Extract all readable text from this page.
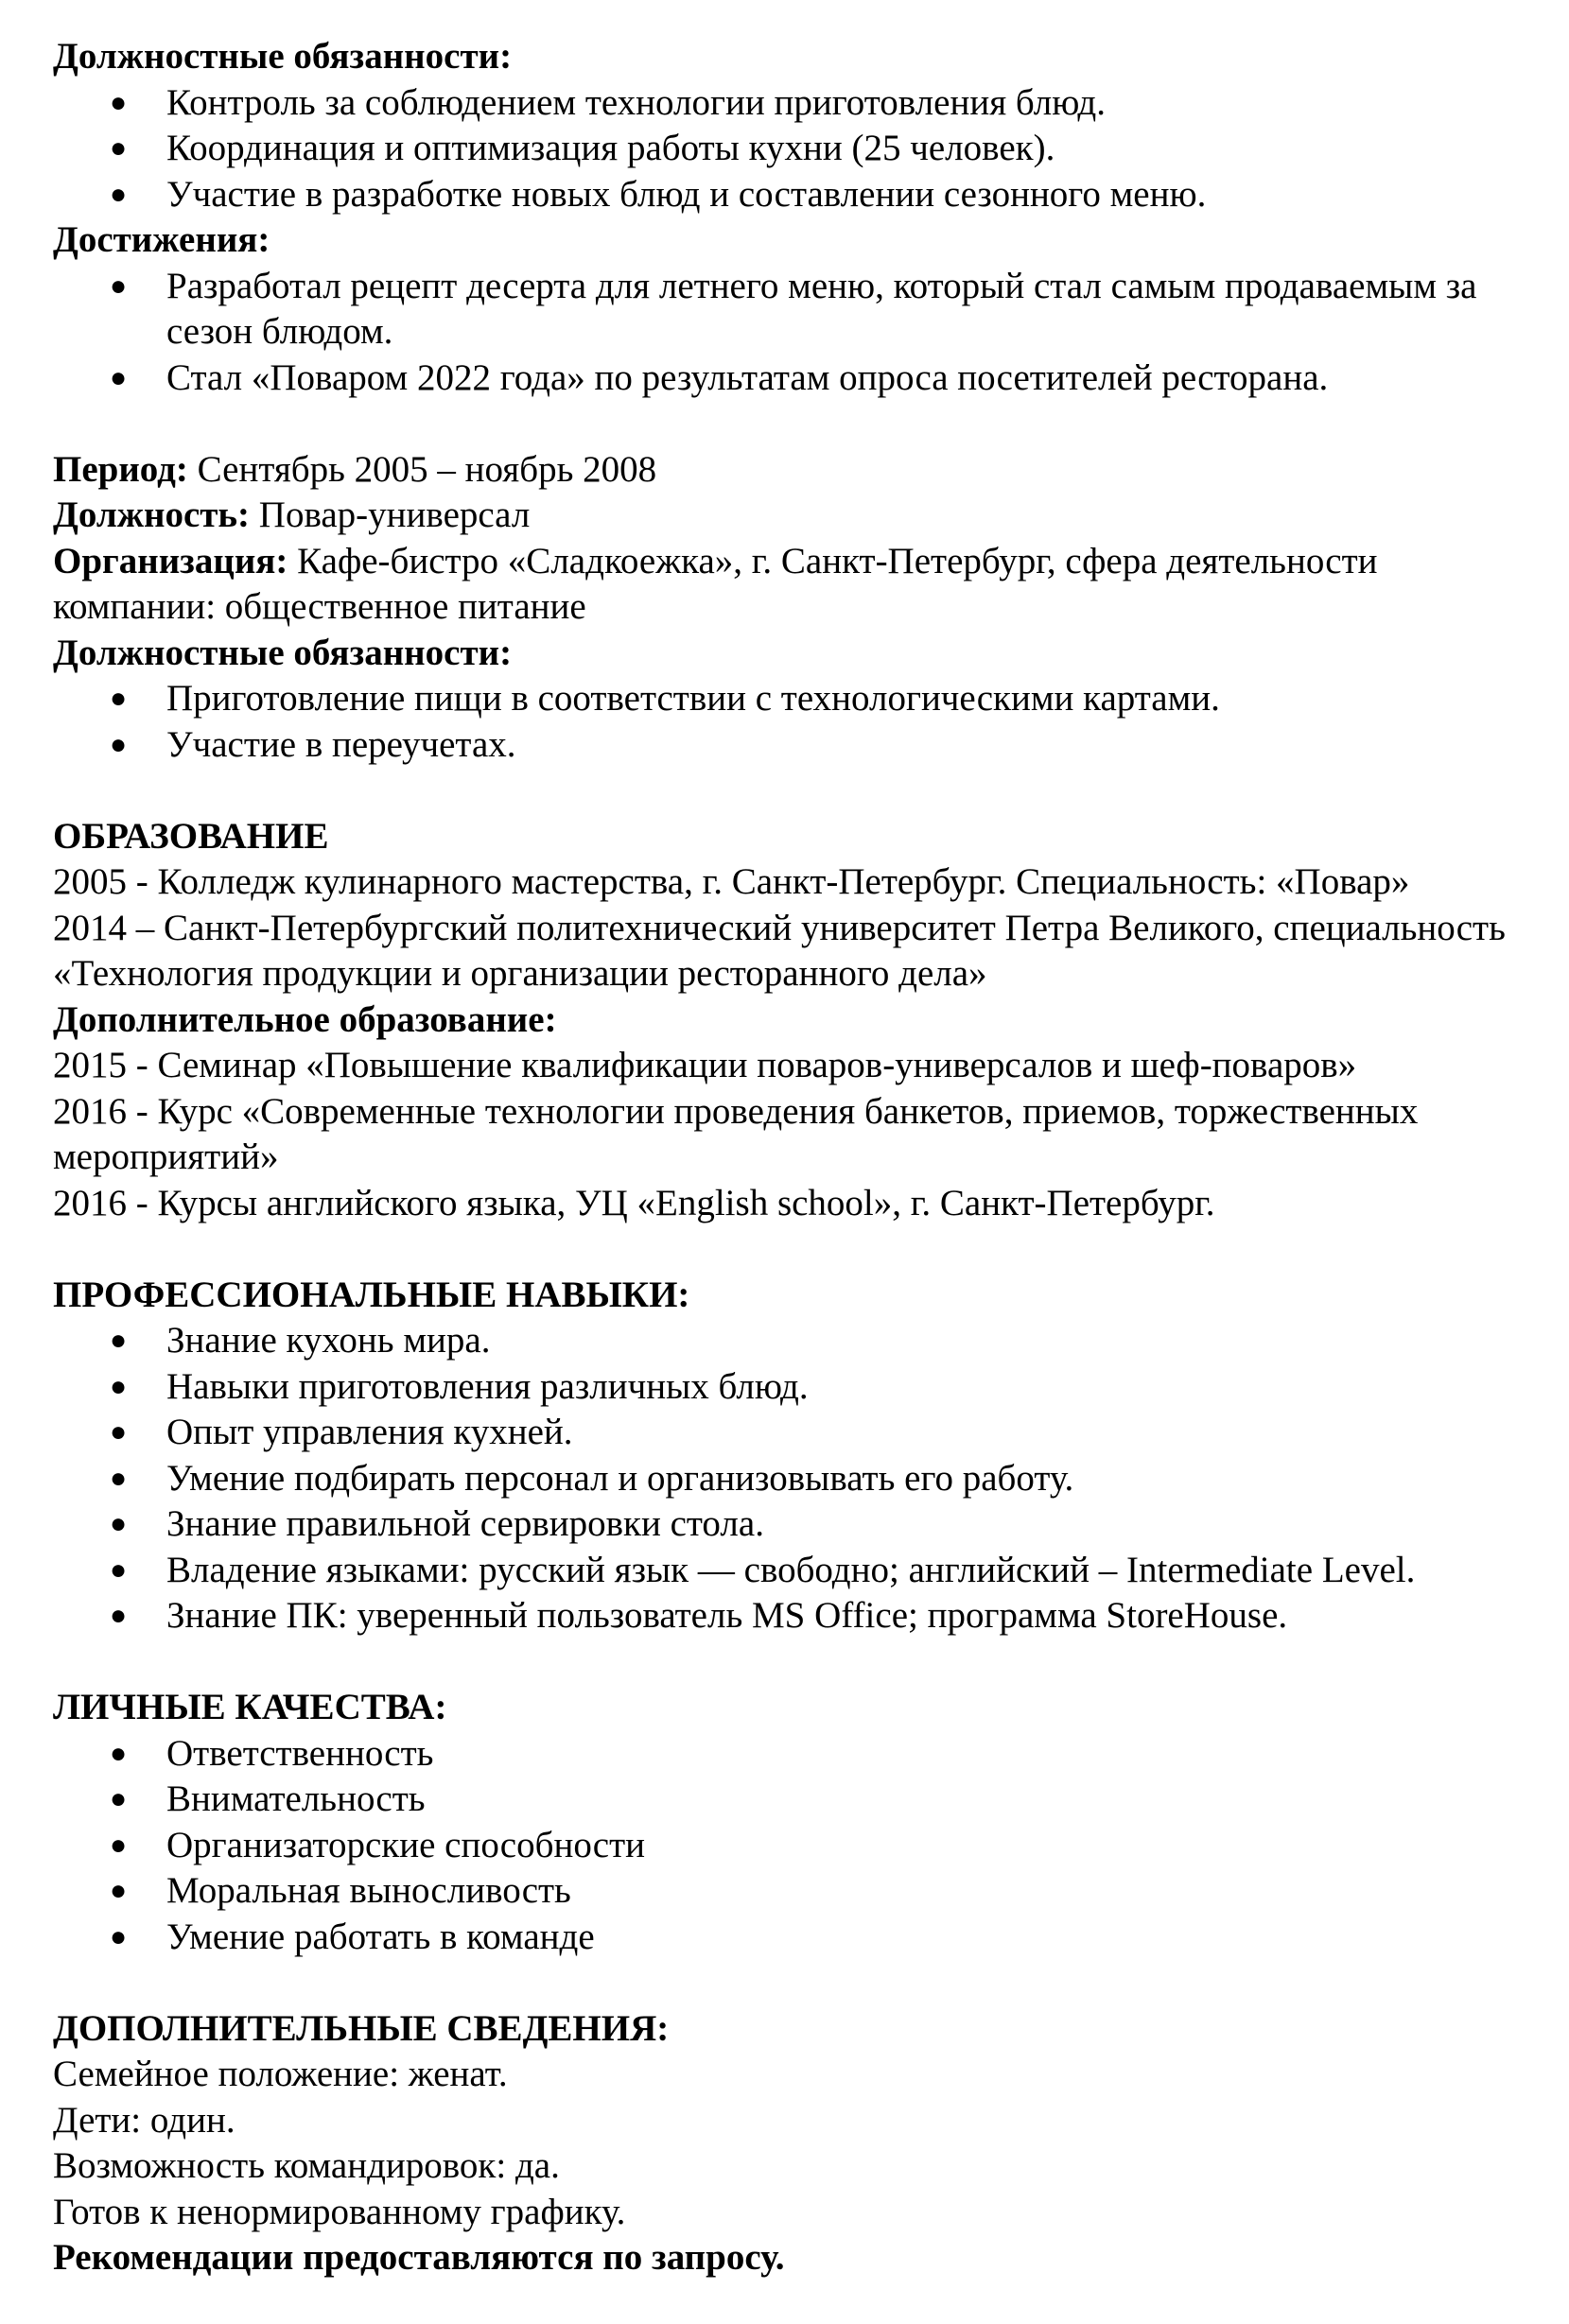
Должностные обязанности:

●	Контроль за соблюдением технологии приготовления блюд.
●	Координация и оптимизация работы кухни (25 человек).
●	Участие в разработке новых блюд и составлении сезонного меню.

Достижения:

●	Разработал рецепт десерта для летнего меню, который стал самым продаваемым за сезон блюдом.
●	Стал «Поваром 2022 года» по результатам опроса посетителей ресторана.

Период: Сентябрь 2005 – ноябрь 2008

Должность: Повар-универсал

Организация: Кафе-бистро «Сладкоежка», г. Санкт-Петербург, сфера деятельности компании: общественное питание

Должностные обязанности:

●	Приготовление пищи в соответствии с технологическими картами.
●	Участие в переучетах.

ОБРАЗОВАНИЕ

2005 - Колледж кулинарного мастерства, г. Санкт-Петербург. Специальность: «Повар»

2014 – Санкт-Петербургский политехнический университет Петра Великого, специальность «Технология продукции и организации ресторанного дела»

Дополнительное образование:

2015 - Семинар «Повышение квалификации поваров-универсалов и шеф-поваров»

2016 - Курс «Современные технологии проведения банкетов, приемов, торжественных мероприятий»

2016 - Курсы английского языка, УЦ «English school», г. Санкт-Петербург.

ПРОФЕССИОНАЛЬНЫЕ НАВЫКИ:

●	Знание кухонь мира.
●	Навыки приготовления различных блюд.
●	Опыт управления кухней.
●	Умение подбирать персонал и организовывать его работу.
●	Знание правильной сервировки стола.
●	Владение языками: русский язык — свободно; английский – Intermediate Level.
●	Знание ПК: уверенный пользователь MS Office; программа StoreHouse.

ЛИЧНЫЕ КАЧЕСТВА:

●	Ответственность
●	Внимательность
●	Организаторские способности
●	Моральная выносливость
●	Умение работать в команде

ДОПОЛНИТЕЛЬНЫЕ СВЕДЕНИЯ:

Семейное положение: женат.

Дети: один.

Возможность командировок: да.

Готов к ненормированному графику.

Рекомендации предоставляются по запросу.
